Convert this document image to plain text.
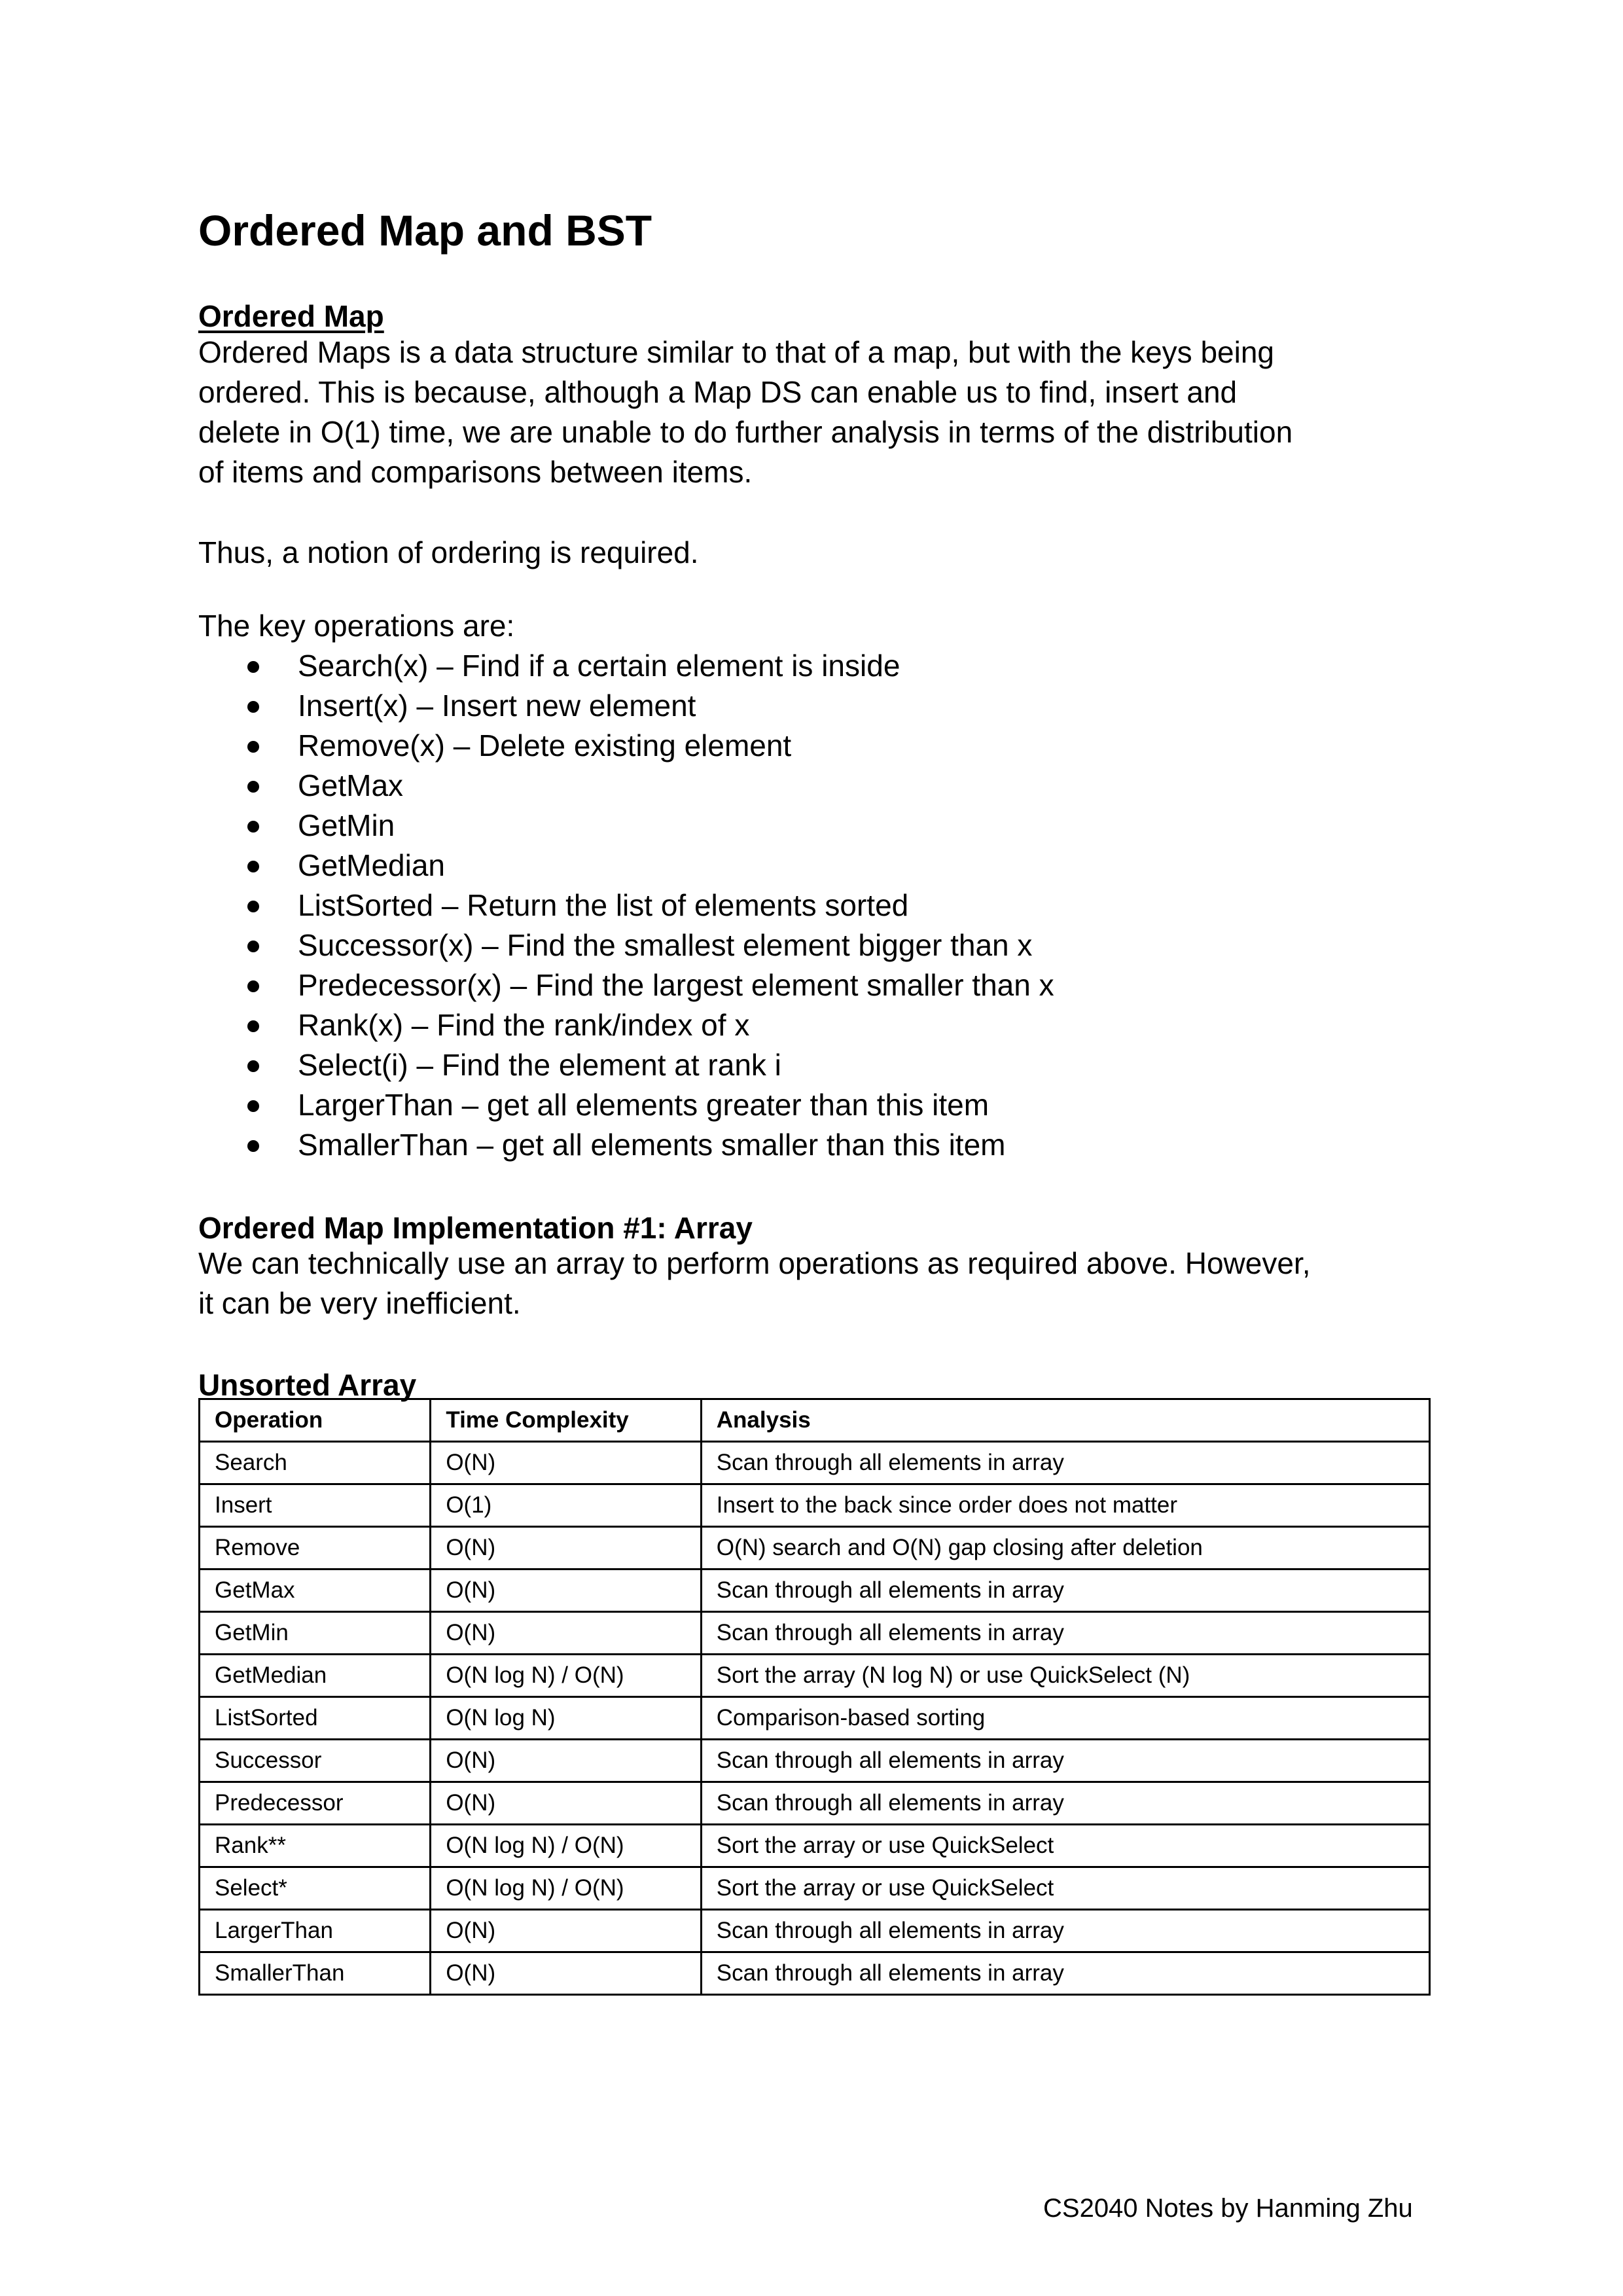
Ordered Map and BST
Ordered Map
Ordered Maps is a data structure similar to that of a map, but with the keys being
ordered. This is because, although a Map DS can enable us to find, insert and
delete in O(1) time, we are unable to do further analysis in terms of the distribution
of items and comparisons between items.
Thus, a notion of ordering is required.
The key operations are:
Search(x) – Find if a certain element is inside
Insert(x) – Insert new element
Remove(x) – Delete existing element
GetMax
GetMin
GetMedian
ListSorted – Return the list of elements sorted
Successor(x) – Find the smallest element bigger than x
Predecessor(x) – Find the largest element smaller than x
Rank(x) – Find the rank/index of x
Select(i) – Find the element at rank i
LargerThan – get all elements greater than this item
SmallerThan – get all elements smaller than this item
Ordered Map Implementation #1: Array
We can technically use an array to perform operations as required above. However,
it can be very inefficient.
Unsorted Array
Operation	Time Complexity	Analysis
Search	O(N)	Scan through all elements in array
Insert	O(1)	Insert to the back since order does not matter
Remove	O(N)	O(N) search and O(N) gap closing after deletion
GetMax	O(N)	Scan through all elements in array
GetMin	O(N)	Scan through all elements in array
GetMedian	O(N log N) / O(N)	Sort the array (N log N) or use QuickSelect (N)
ListSorted	O(N log N)	Comparison-based sorting
Successor	O(N)	Scan through all elements in array
Predecessor	O(N)	Scan through all elements in array
Rank**	O(N log N) / O(N)	Sort the array or use QuickSelect
Select*	O(N log N) / O(N)	Sort the array or use QuickSelect
LargerThan	O(N)	Scan through all elements in array
SmallerThan	O(N)	Scan through all elements in array
CS2040 Notes by Hanming Zhu
